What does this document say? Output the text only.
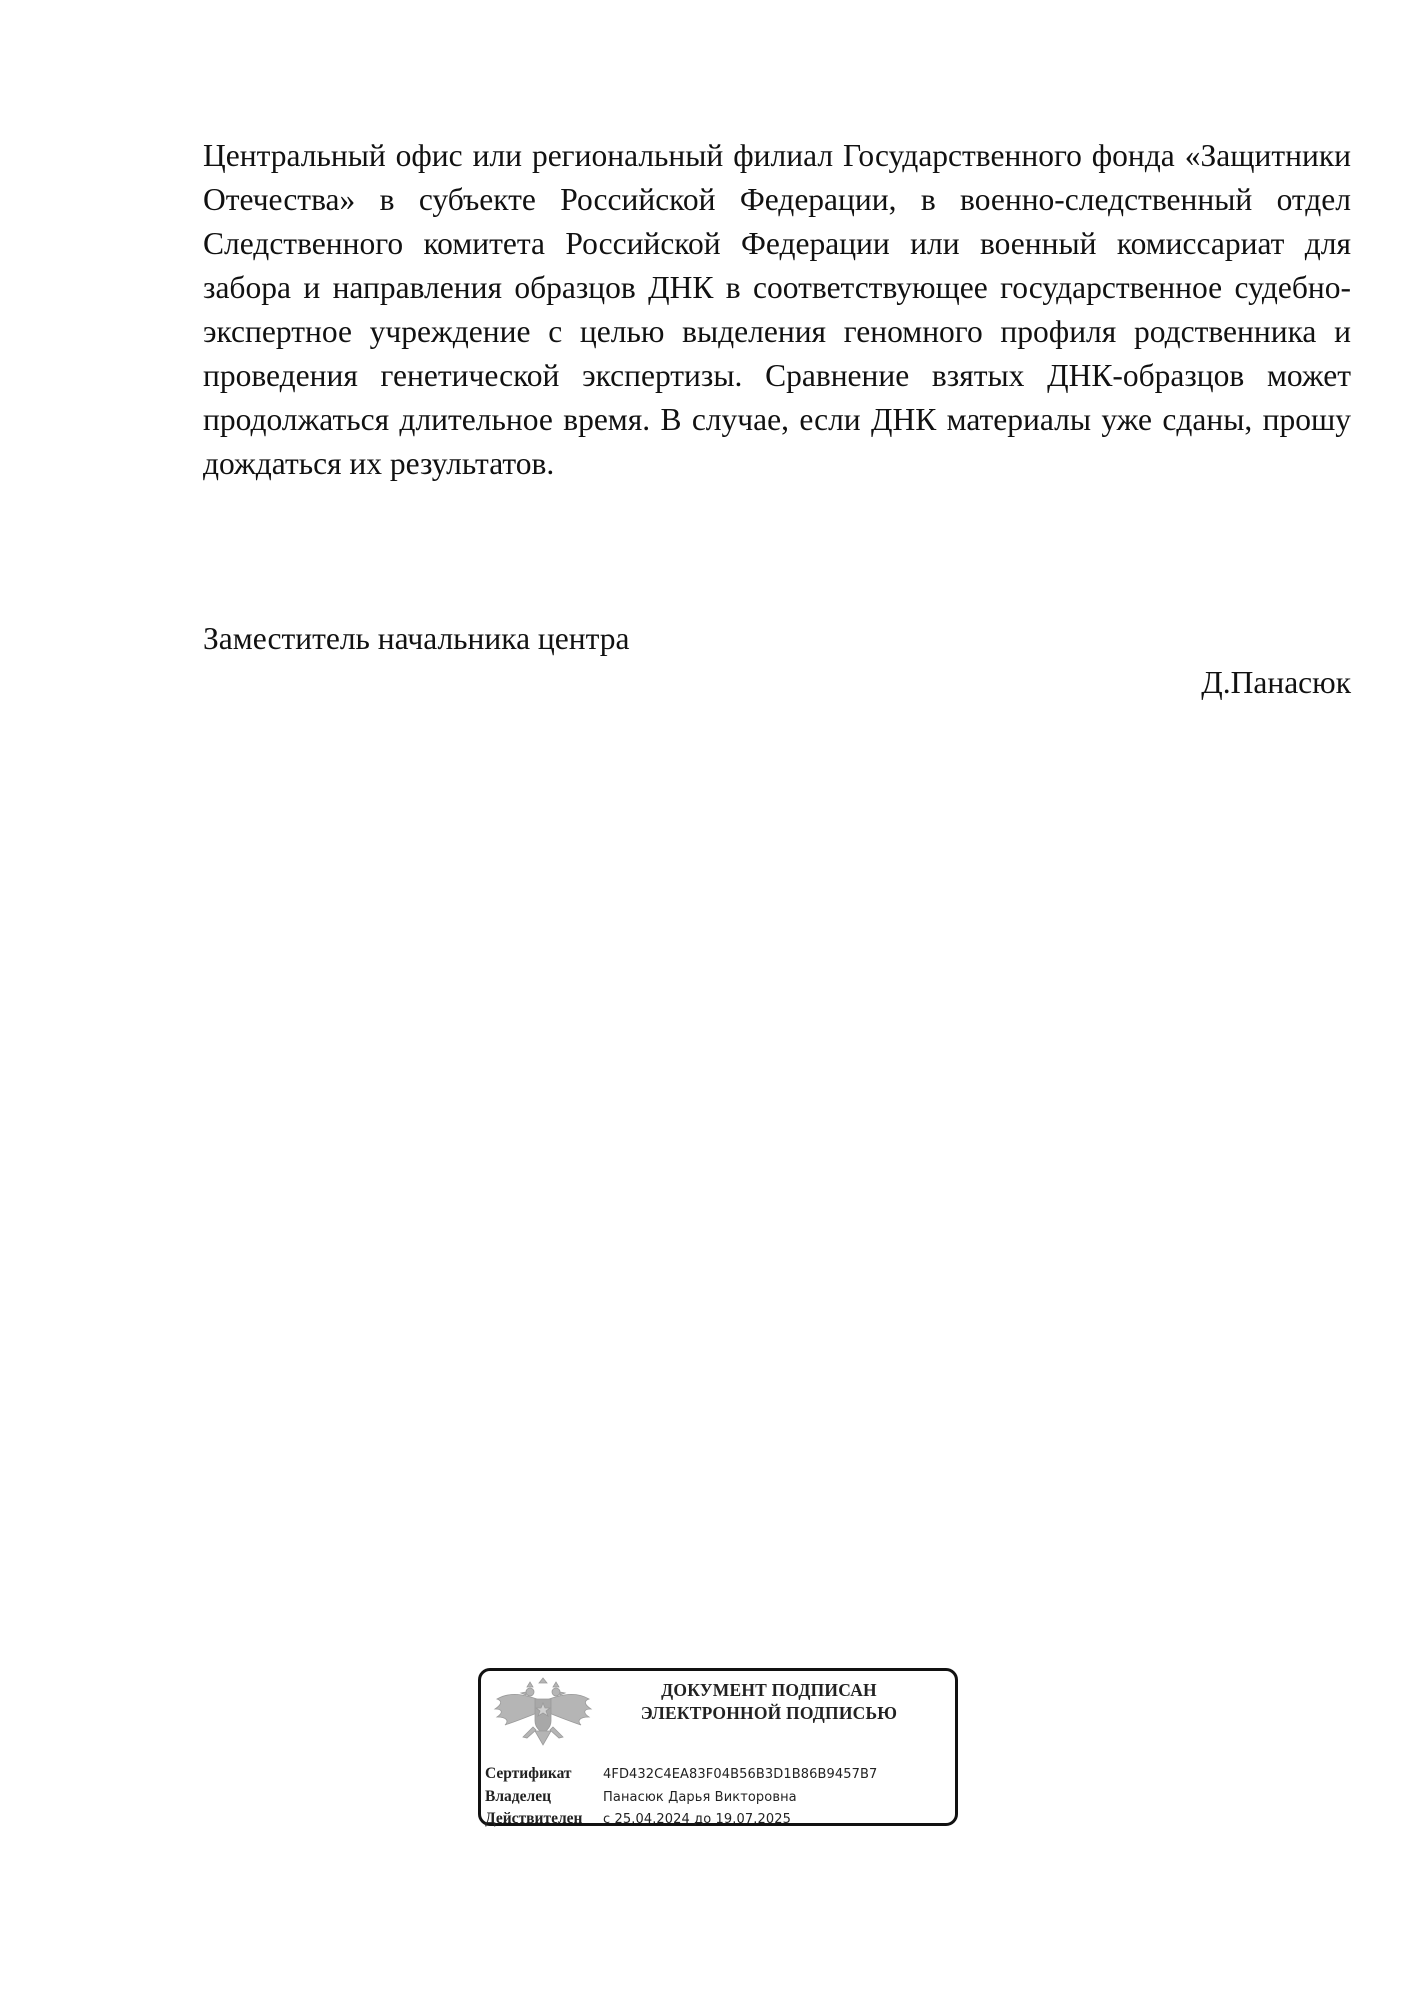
Центральный офис или региональный филиал Государственного фонда «Защитники Отечества» в субъекте Российской Федерации, в военно-следственный отдел Следственного комитета Российской Федерации или военный комиссариат для забора и направления образцов ДНК в соответствующее государственное судебно-экспертное учреждение с целью выделения геномного профиля родственника и проведения генетической экспертизы. Сравнение взятых ДНК-образцов может продолжаться длительное время. В случае, если ДНК материалы уже сданы, прошу дождаться их результатов.

Заместитель начальника центра

Д.Панасюк

ДОКУМЕНТ ПОДПИСАН
ЭЛЕКТРОННОЙ ПОДПИСЬЮ
Сертификат	4FD432C4EA83F04B56B3D1B86B9457B7
Владелец	Панасюк Дарья Викторовна
Действителен	с 25.04.2024 до 19.07.2025
